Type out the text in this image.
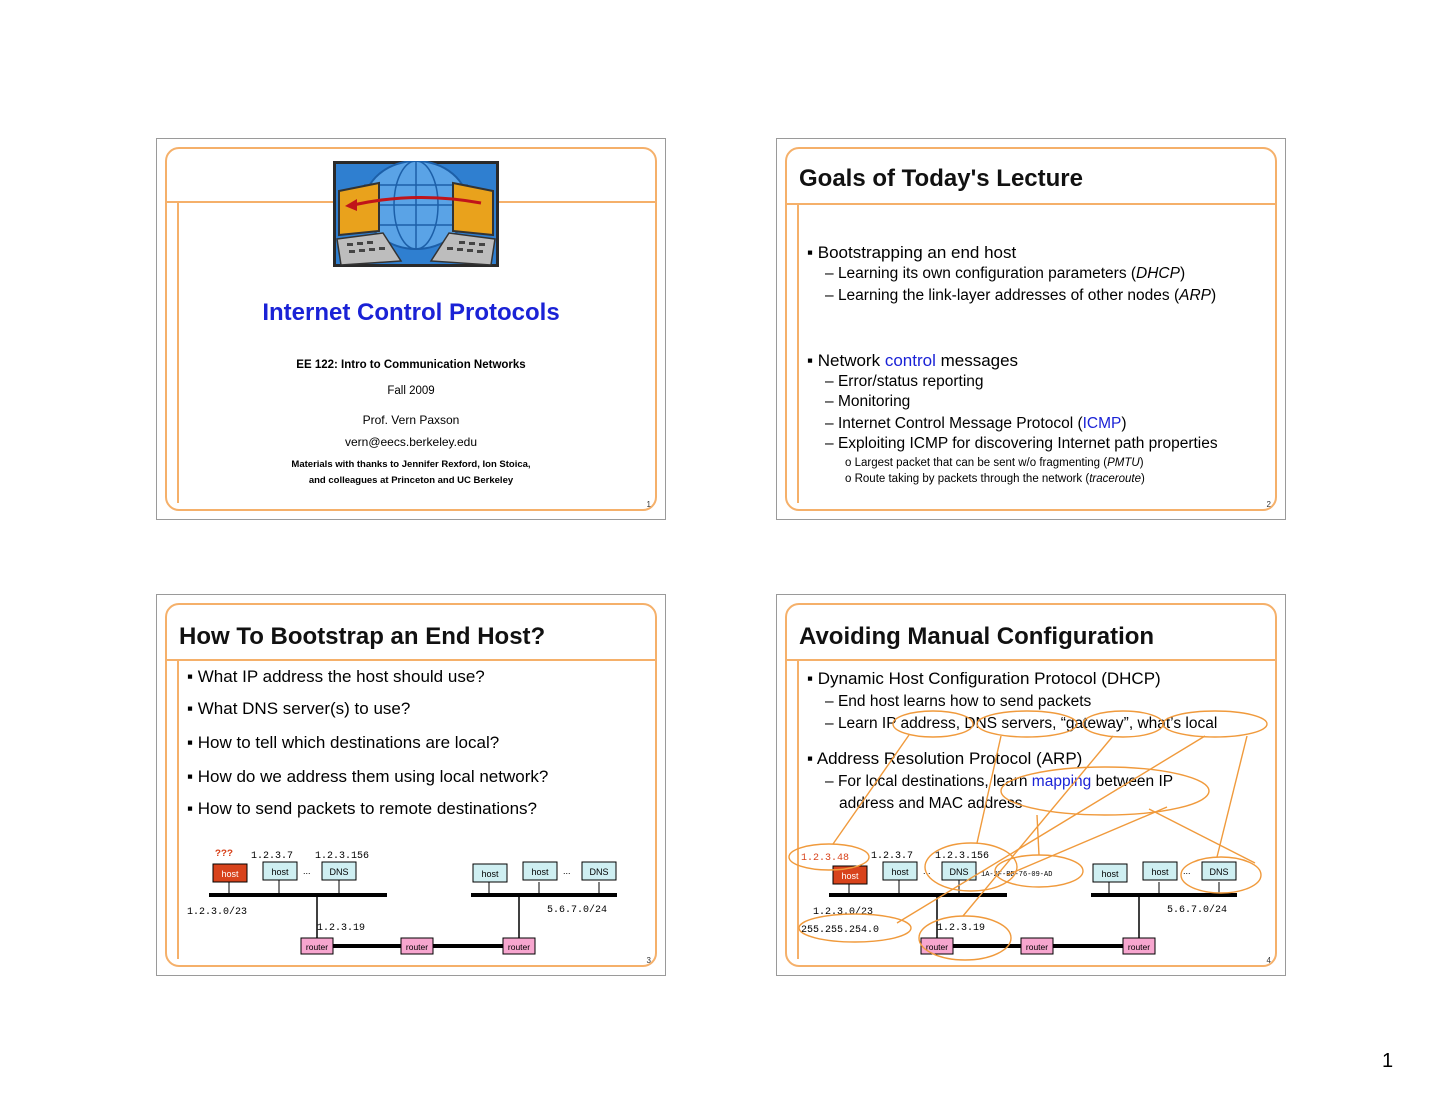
Internet Control Protocols
EE 122: Intro to Communication Networks
Fall 2009
Prof. Vern Paxson
vern@eecs.berkeley.edu
Materials with thanks to Jennifer Rexford, Ion Stoica,
and colleagues at Princeton and UC Berkeley
1
Goals of Today's Lecture
▪ Bootstrapping an end host
– Learning its own configuration parameters (DHCP)
– Learning the link-layer addresses of other nodes (ARP)
▪ Network control messages
– Error/status reporting
– Monitoring
– Internet Control Message Protocol (ICMP)
– Exploiting ICMP for discovering Internet path properties
o Largest packet that can be sent w/o fragmenting (PMTU)
o Route taking by packets through the network (traceroute)
2
How To Bootstrap an End Host?
▪ What IP address the host should use?
▪ What DNS server(s) to use?
▪ How to tell which destinations are local?
▪ How do we address them using local network?
▪ How to send packets to remote destinations?
??? 1.2.3.7 1.2.3.156
1.2.3.0/23	5.6.7.0/24
1.2.3.19
host	host ... DNS	host	host ... DNS
router	router	router
3
Avoiding Manual Configuration
▪ Dynamic Host Configuration Protocol (DHCP)
– End host learns how to send packets
– Learn IP address, DNS servers, “gateway”, what’s local
▪ Address Resolution Protocol (ARP)
– For local destinations, learn mapping between IP
address and MAC address
1.2.3.48 1.2.3.7 1.2.3.156
1A-2F-BB-76-09-AD
1.2.3.0/23
255.255.254.0
5.6.7.0/24
1.2.3.19
host	host ... DNS	host	host ... DNS
router	router	router
4
1
